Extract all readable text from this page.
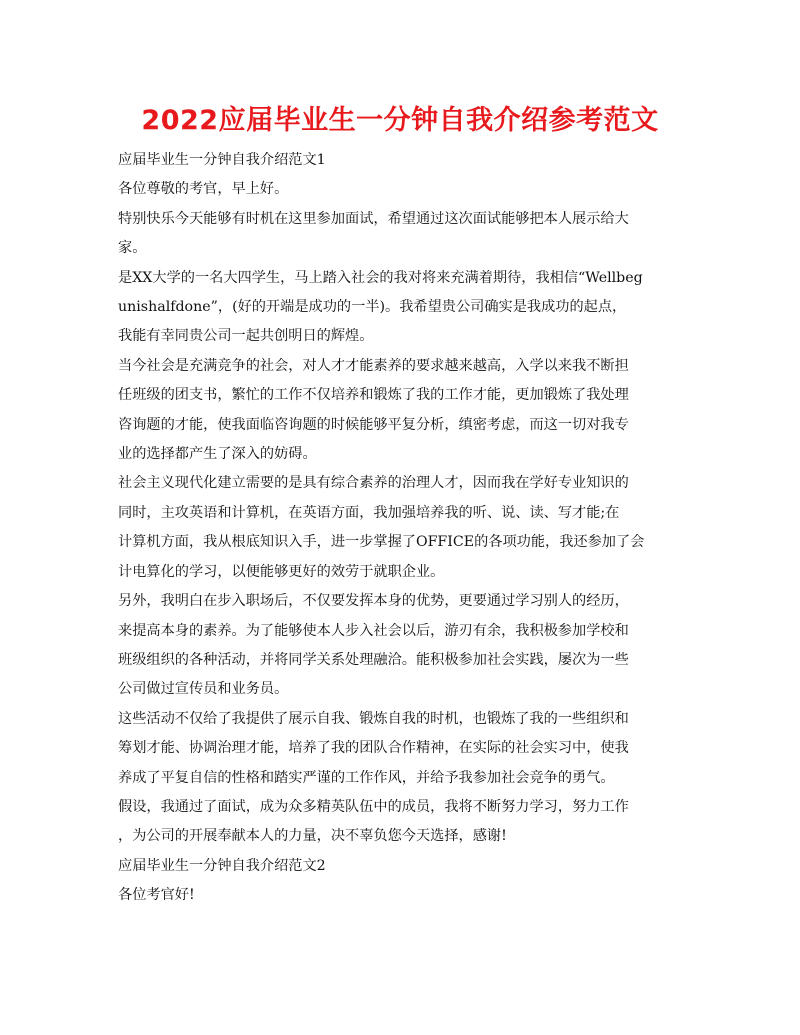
2022应届毕业生一分钟自我介绍参考范文
应届毕业生一分钟自我介绍范文1
各位尊敬的考官，早上好。
特别快乐今天能够有时机在这里参加面试，希望通过这次面试能够把本人展示给大
家。
是XX大学的一名大四学生，马上踏入社会的我对将来充满着期待，我相信“Wellbeg
unishalfdone”，(好的开端是成功的一半)。我希望贵公司确实是我成功的起点，
我能有幸同贵公司一起共创明日的辉煌。
当今社会是充满竞争的社会，对人才才能素养的要求越来越高，入学以来我不断担
任班级的团支书，繁忙的工作不仅培养和锻炼了我的工作才能，更加锻炼了我处理
咨询题的才能，使我面临咨询题的时候能够平复分析，缜密考虑，而这一切对我专
业的选择都产生了深入的妨碍。
社会主义现代化建立需要的是具有综合素养的治理人才，因而我在学好专业知识的
同时，主攻英语和计算机，在英语方面，我加强培养我的听、说、读、写才能;在
计算机方面，我从根底知识入手，进一步掌握了OFFICE的各项功能，我还参加了会
计电算化的学习，以便能够更好的效劳于就职企业。
另外，我明白在步入职场后，不仅要发挥本身的优势，更要通过学习别人的经历，
来提高本身的素养。为了能够使本人步入社会以后，游刃有余，我积极参加学校和
班级组织的各种活动，并将同学关系处理融洽。能积极参加社会实践，屡次为一些
公司做过宣传员和业务员。
这些活动不仅给了我提供了展示自我、锻炼自我的时机，也锻炼了我的一些组织和
筹划才能、协调治理才能，培养了我的团队合作精神，在实际的社会实习中，使我
养成了平复自信的性格和踏实严谨的工作作风，并给予我参加社会竞争的勇气。
假设，我通过了面试，成为众多精英队伍中的成员，我将不断努力学习，努力工作
，为公司的开展奉献本人的力量，决不辜负您今天选择，感谢!
应届毕业生一分钟自我介绍范文2
各位考官好!
